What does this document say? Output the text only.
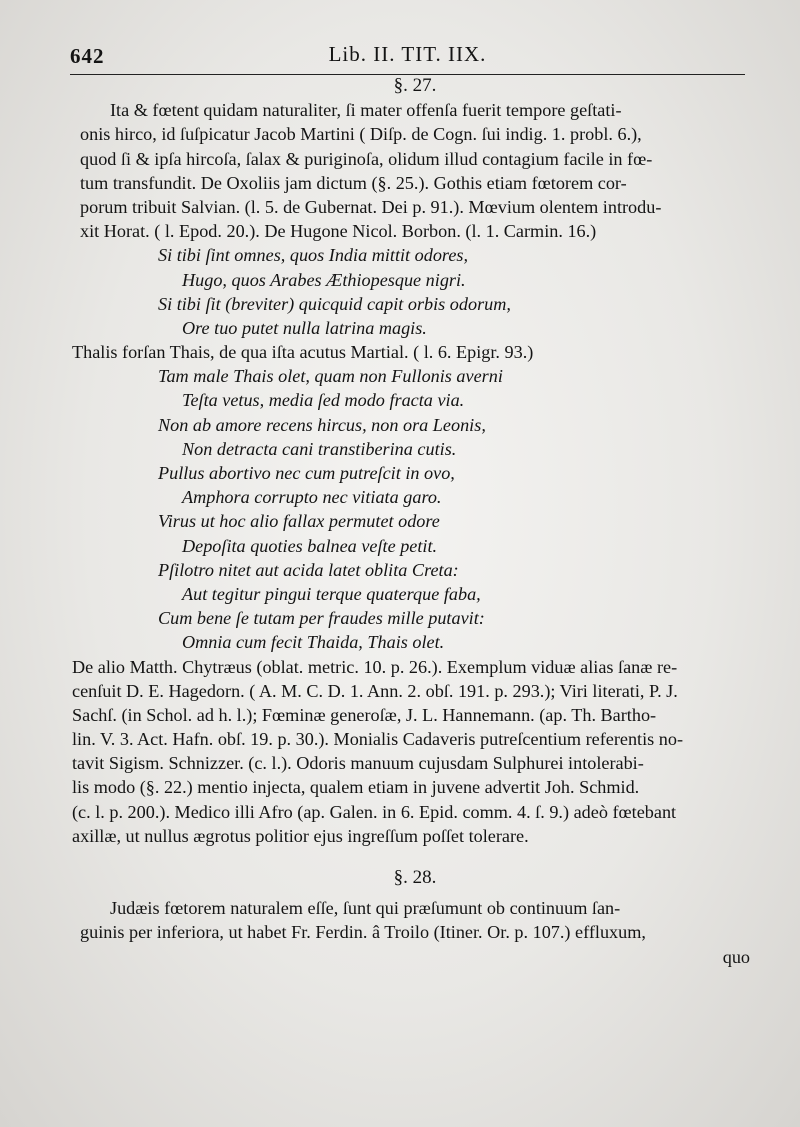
642	Lib. II. TIT. IIX.
§. 27.
Ita & fœtent quidam naturaliter, ſi mater offenſa fuerit tempore geſtati-
onis hirco, id ſuſpicatur Jacob Martini ( Diſp. de Cogn. ſui indig. 1. probl. 6.),
quod ſi & ipſa hircoſa, ſalax & puriginoſa, olidum illud contagium facile in fœ-
tum transfundit. De Oxoliis jam dictum (§. 25.). Gothis etiam fœtorem cor-
porum tribuit Salvian. (l. 5. de Gubernat. Dei p. 91.). Mœvium olentem introdu-
xit Horat. ( l. Epod. 20.). De Hugone Nicol. Borbon. (l. 1. Carmin. 16.)
Si tibi ſint omnes, quos India mittit odores,
Hugo, quos Arabes Æthiopesque nigri.
Si tibi ſit (breviter) quicquid capit orbis odorum,
Ore tuo putet nulla latrina magis.
Thalis forſan Thais, de qua iſta acutus Martial. ( l. 6. Epigr. 93.)
Tam male Thais olet, quam non Fullonis averni
Teſta vetus, media ſed modo fracta via.
Non ab amore recens hircus, non ora Leonis,
Non detracta cani transtiberina cutis.
Pullus abortivo nec cum putreſcit in ovo,
Amphora corrupto nec vitiata garo.
Virus ut hoc alio fallax permutet odore
Depoſita quoties balnea veſte petit.
Pſilotro nitet aut acida latet oblita Creta:
Aut tegitur pingui terque quaterque faba,
Cum bene ſe tutam per fraudes mille putavit:
Omnia cum fecit Thaida, Thais olet.
De alio Matth. Chytræus (oblat. metric. 10. p. 26.). Exemplum viduæ alias ſanæ re-
cenſuit D. E. Hagedorn. ( A. M. C. D. 1. Ann. 2. obſ. 191. p. 293.); Viri literati, P. J.
Sachſ. (in Schol. ad h. l.); Fœminæ generoſæ, J. L. Hannemann. (ap. Th. Bartho-
lin. V. 3. Act. Hafn. obſ. 19. p. 30.). Monialis Cadaveris putreſcentium referentis no-
tavit Sigism. Schnizzer. (c. l.). Odoris manuum cujusdam Sulphurei intolerabi-
lis modo (§. 22.) mentio injecta, qualem etiam in juvene advertit Joh. Schmid.
(c. l. p. 200.). Medico illi Afro (ap. Galen. in 6. Epid. comm. 4. ſ. 9.) adeò fœtebant
axillæ, ut nullus ægrotus politior ejus ingreſſum poſſet tolerare.
§. 28.
Judæis fœtorem naturalem eſſe, ſunt qui præſumunt ob continuum ſan-
guinis per inferiora, ut habet Fr. Ferdin. â Troilo (Itiner. Or. p. 107.) effluxum,
quo
